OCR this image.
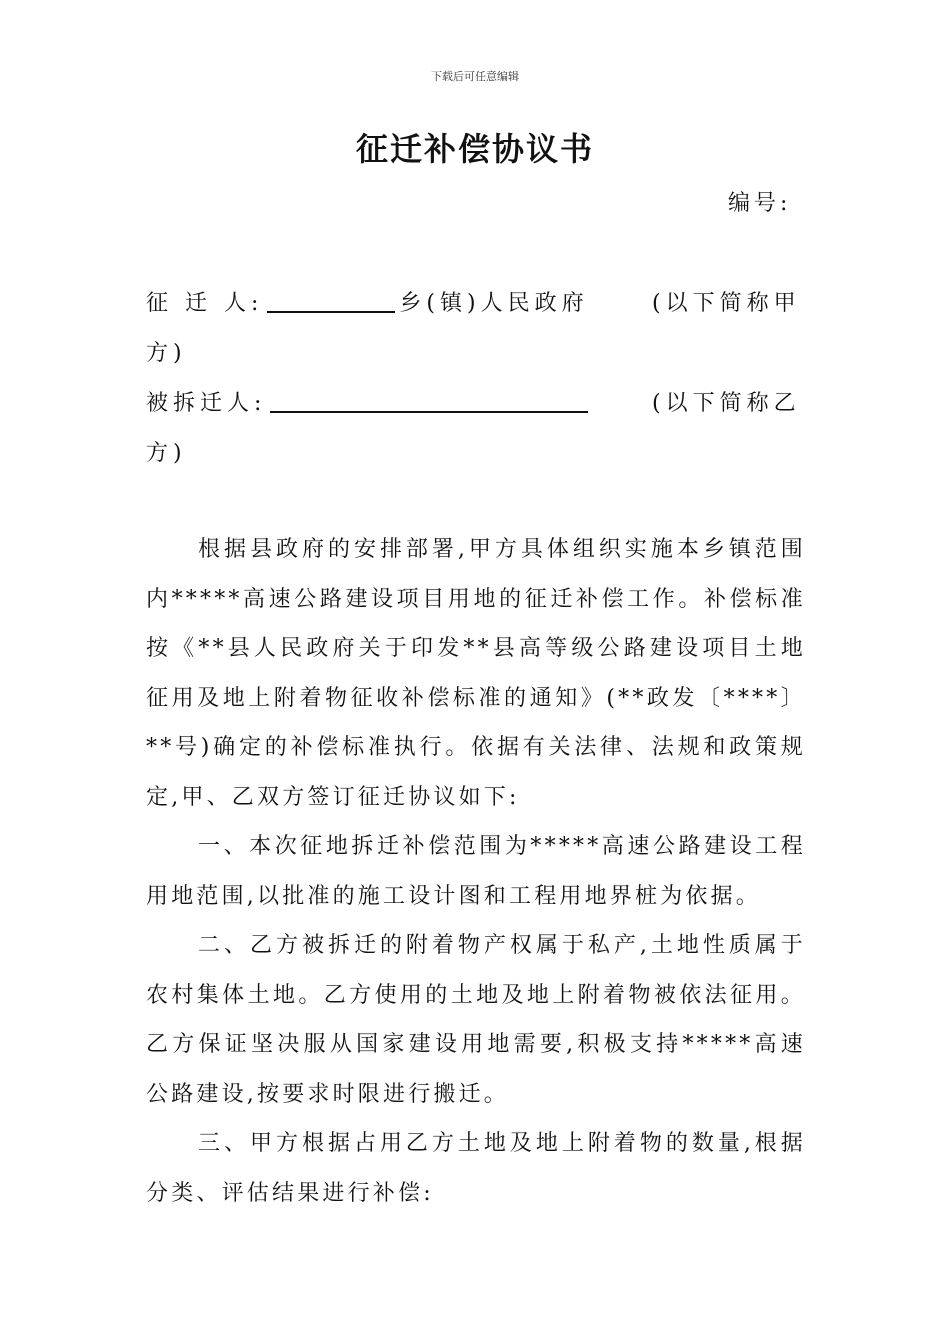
下载后可任意编辑
征迁补偿协议书
编号:
征 迁 人:	乡(镇)人民政府	(以下简称甲
方)
被拆迁人:	(以下简称乙
方)
根据县政府的安排部署,甲方具体组织实施本乡镇范围内*****高速公路建设项目用地的征迁补偿工作。补偿标准按《**县人民政府关于印发**县高等级公路建设项目土地征用及地上附着物征收补偿标准的通知》(**政发〔****〕**号)确定的补偿标准执行。依据有关法律、法规和政策规定,甲、乙双方签订征迁协议如下:
一、本次征地拆迁补偿范围为*****高速公路建设工程用地范围,以批准的施工设计图和工程用地界桩为依据。
二、乙方被拆迁的附着物产权属于私产,土地性质属于农村集体土地。乙方使用的土地及地上附着物被依法征用。乙方保证坚决服从国家建设用地需要,积极支持*****高速公路建设,按要求时限进行搬迁。
三、甲方根据占用乙方土地及地上附着物的数量,根据分类、评估结果进行补偿:
